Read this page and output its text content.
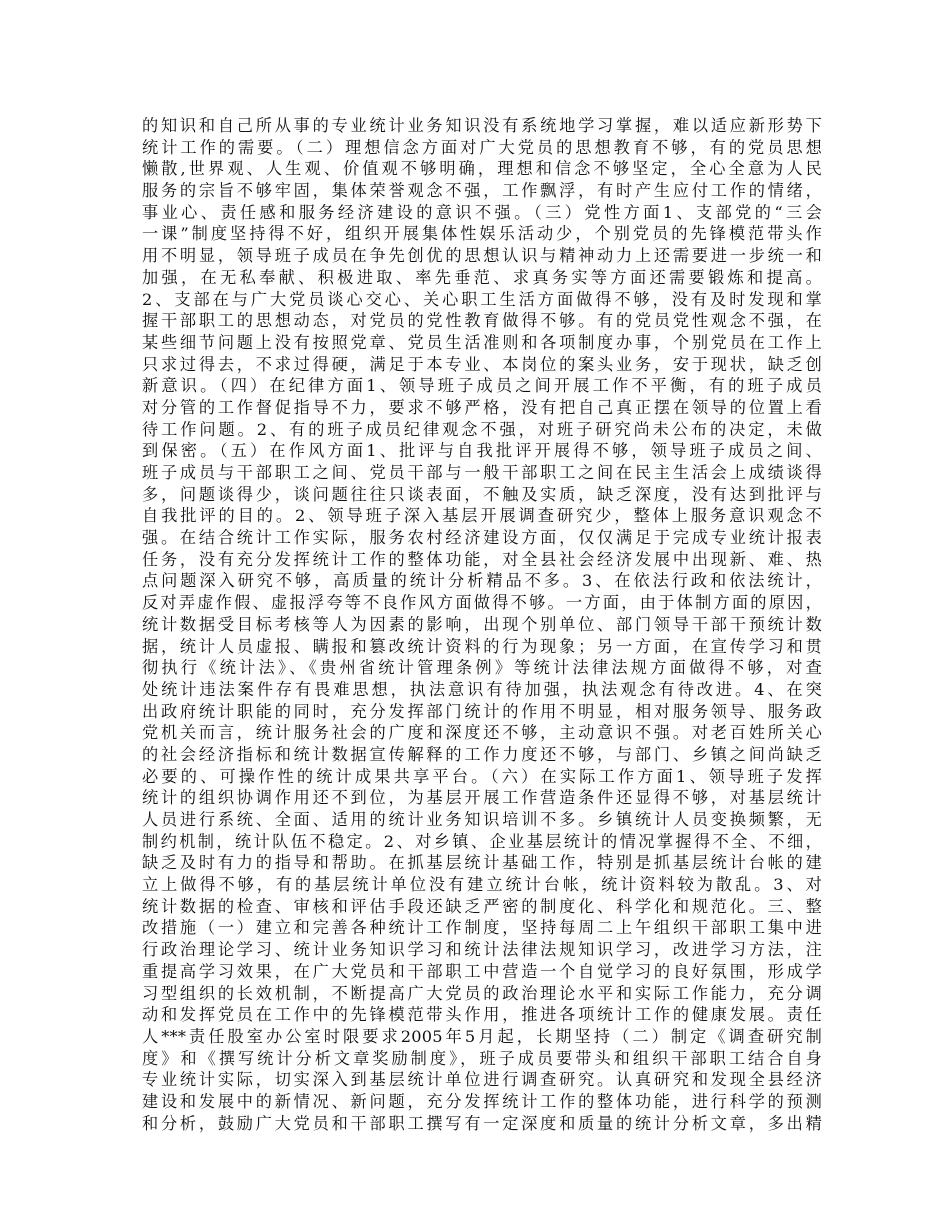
的知识和自己所从事的专业统计业务知识没有系统地学习掌握，难以适应新形势下
统计工作的需要。（二）理想信念方面对广大党员的思想教育不够，有的党员思想
懒散,世界观、人生观、价值观不够明确，理想和信念不够坚定，全心全意为人民
服务的宗旨不够牢固，集体荣誉观念不强，工作飘浮，有时产生应付工作的情绪，
事业心、责任感和服务经济建设的意识不强。（三）党性方面1、支部党的“三会
一课”制度坚持得不好，组织开展集体性娱乐活动少，个别党员的先锋模范带头作
用不明显，领导班子成员在争先创优的思想认识与精神动力上还需要进一步统一和
加强，在无私奉献、积极进取、率先垂范、求真务实等方面还需要锻炼和提高。
2、支部在与广大党员谈心交心、关心职工生活方面做得不够，没有及时发现和掌
握干部职工的思想动态，对党员的党性教育做得不够。有的党员党性观念不强，在
某些细节问题上没有按照党章、党员生活准则和各项制度办事，个别党员在工作上
只求过得去，不求过得硬，满足于本专业、本岗位的案头业务，安于现状，缺乏创
新意识。（四）在纪律方面1、领导班子成员之间开展工作不平衡，有的班子成员
对分管的工作督促指导不力，要求不够严格，没有把自己真正摆在领导的位置上看
待工作问题。2、有的班子成员纪律观念不强，对班子研究尚未公布的决定，未做
到保密。（五）在作风方面1、批评与自我批评开展得不够，领导班子成员之间、
班子成员与干部职工之间、党员干部与一般干部职工之间在民主生活会上成绩谈得
多，问题谈得少，谈问题往往只谈表面，不触及实质，缺乏深度，没有达到批评与
自我批评的目的。2、领导班子深入基层开展调查研究少，整体上服务意识观念不
强。在结合统计工作实际，服务农村经济建设方面，仅仅满足于完成专业统计报表
任务，没有充分发挥统计工作的整体功能，对全县社会经济发展中出现新、难、热
点问题深入研究不够，高质量的统计分析精品不多。3、在依法行政和依法统计，
反对弄虚作假、虚报浮夸等不良作风方面做得不够。一方面，由于体制方面的原因，
统计数据受目标考核等人为因素的影响，出现个别单位、部门领导干部干预统计数
据，统计人员虚报、瞒报和篡改统计资料的行为现象；另一方面，在宣传学习和贯
彻执行《统计法》、《贵州省统计管理条例》等统计法律法规方面做得不够，对查
处统计违法案件存有畏难思想，执法意识有待加强，执法观念有待改进。4、在突
出政府统计职能的同时，充分发挥部门统计的作用不明显，相对服务领导、服务政
党机关而言，统计服务社会的广度和深度还不够，主动意识不强。对老百姓所关心
的社会经济指标和统计数据宣传解释的工作力度还不够，与部门、乡镇之间尚缺乏
必要的、可操作性的统计成果共享平台。（六）在实际工作方面1、领导班子发挥
统计的组织协调作用还不到位，为基层开展工作营造条件还显得不够，对基层统计
人员进行系统、全面、适用的统计业务知识培训不多。乡镇统计人员变换频繁，无
制约机制，统计队伍不稳定。2、对乡镇、企业基层统计的情况掌握得不全、不细，
缺乏及时有力的指导和帮助。在抓基层统计基础工作，特别是抓基层统计台帐的建
立上做得不够，有的基层统计单位没有建立统计台帐，统计资料较为散乱。3、对
统计数据的检查、审核和评估手段还缺乏严密的制度化、科学化和规范化。三、整
改措施（一）建立和完善各种统计工作制度，坚持每周二上午组织干部职工集中进
行政治理论学习、统计业务知识学习和统计法律法规知识学习，改进学习方法，注
重提高学习效果，在广大党员和干部职工中营造一个自觉学习的良好氛围，形成学
习型组织的长效机制，不断提高广大党员的政治理论水平和实际工作能力，充分调
动和发挥党员在工作中的先锋模范带头作用，推进各项统计工作的健康发展。责任
人***责任股室办公室时限要求2005年5月起，长期坚持（二）制定《调查研究制
度》和《撰写统计分析文章奖励制度》，班子成员要带头和组织干部职工结合自身
专业统计实际，切实深入到基层统计单位进行调查研究。认真研究和发现全县经济
建设和发展中的新情况、新问题，充分发挥统计工作的整体功能，进行科学的预测
和分析，鼓励广大党员和干部职工撰写有一定深度和质量的统计分析文章，多出精
